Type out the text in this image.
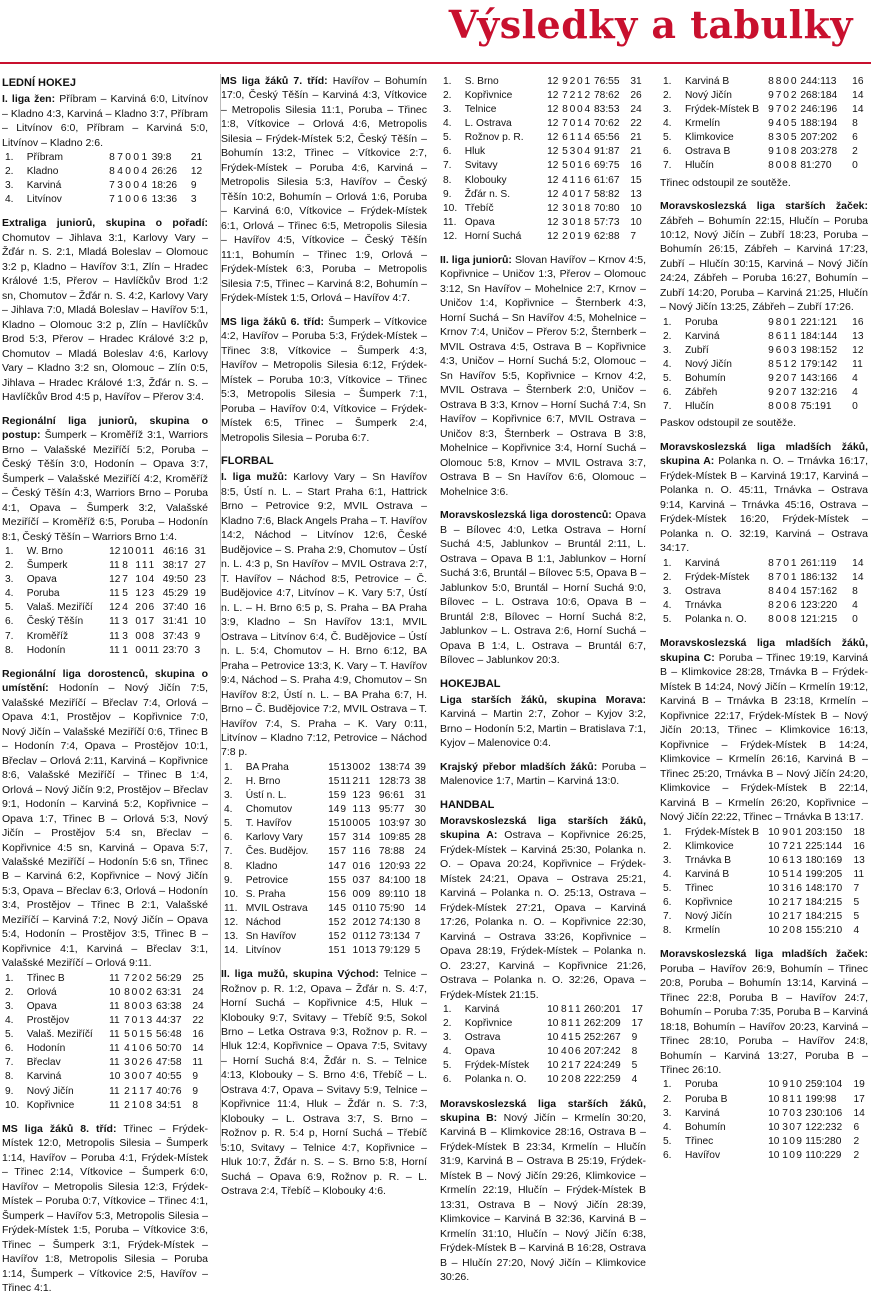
Výsledky a tabulky
LEDNÍ HOKEJ

I. liga žen: Příbram – Karviná 6:0, Litvínov – Kladno 4:3, Karviná – Kladno 3:7, Příbram – Litvínov 6:0, Příbram – Karviná 5:0, Litvínov – Kladno 2:6.

1.	Příbram	8	7	0	0	1	39:8	21
2.	Kladno	8	4	0	0	4	26:26	12
3.	Karviná	7	3	0	0	4	18:26	9
4.	Litvínov	7	1	0	0	6	13:36	3

Extraliga juniorů, skupina o pořadí: Chomutov – Jihlava 3:1, Karlovy Vary – Žďár n. S. 2:1, Mladá Boleslav – Olomouc 3:2 p, Kladno – Havířov 3:1, Zlín – Hradec Králové 1:5, Přerov – Havlíčkův Brod 1:2 sn, Chomutov – Žďár n. S. 4:2, Karlovy Vary – Jihlava 7:0, Mladá Boleslav – Havířov 5:1, Kladno – Olomouc 3:2 p, Zlín – Havlíčkův Brod 5:3, Přerov – Hradec Králové 3:2 p, Chomutov – Mladá Boleslav 4:6, Karlovy Vary – Kladno 3:2 sn, Olomouc – Zlín 0:5, Jihlava – Hradec Králové 1:3, Žďár n. S. – Havlíčkův Brod 4:5 p, Havířov – Přerov 3:4.

Regionální liga juniorů, skupina o postup: Šumperk – Kroměříž 3:1, Warriors Brno – Valašské Meziříčí 5:2, Poruba – Český Těšín 3:0, Hodonín – Opava 3:7, Šumperk – Valašské Meziříčí 4:2, Kroměříž – Český Těšín 4:3, Warriors Brno – Poruba 4:1, Opava – Šumperk 3:2, Valašské Meziříčí – Kroměříž 6:5, Poruba – Hodonín 8:1, Český Těšín – Warriors Brno 1:4.

1.	W. Brno	12	10	0	1	1	46:16	31
2.	Šumperk	11	8	1	1	1	38:17	27
3.	Opava	12	7	1	0	4	49:50	23
4.	Poruba	11	5	1	2	3	45:29	19
5.	Valaš. Meziříčí	12	4	2	0	6	37:40	16
6.	Český Těšín	11	3	0	1	7	31:41	10
7.	Kroměříž	11	3	0	0	8	37:43	9
8.	Hodonín	11	1	0	0	11	23:70	3

Regionální liga dorostenců, skupina o umístění: Hodonín – Nový Jičín 7:5, Valašské Meziříčí – Břeclav 7:4, Orlová – Opava 4:1, Prostějov – Kopřivnice 7:0, Nový Jičín – Valašské Meziříčí 0:6, Třinec B – Hodonín 7:4, Opava – Prostějov 10:1, Břeclav – Orlová 2:11, Karviná – Kopřivnice 8:6, Valašské Meziříčí – Třinec B 1:4, Orlová – Nový Jičín 9:2, Prostějov – Břeclav 9:1, Hodonín – Karviná 5:2, Kopřivnice – Opava 1:7, Třinec B – Orlová 5:3, Nový Jičín – Prostějov 5:4 sn, Břeclav – Kopřivnice 4:5 sn, Karviná – Opava 5:7, Valašské Meziříčí – Hodonín 5:6 sn, Třinec B – Karviná 6:2, Kopřivnice – Nový Jičín 5:3, Opava – Břeclav 6:3, Orlová – Hodonín 3:4, Prostějov – Třinec B 2:1, Valašské Meziříčí – Karviná 7:2, Nový Jičín – Opava 5:4, Hodonín – Prostějov 3:5, Třinec B – Kopřivnice 4:1, Karviná – Břeclav 3:1, Valašské Meziříčí – Orlová 9:11.

1.	Třinec B	11	7	2	0	2	56:29	25
2.	Orlová	10	8	0	0	2	63:31	24
3.	Opava	11	8	0	0	3	63:38	24
4.	Prostějov	11	7	0	1	3	44:37	22
5.	Valaš. Meziříčí	11	5	0	1	5	56:48	16
6.	Hodonín	11	4	1	0	6	50:70	14
7.	Břeclav	11	3	0	2	6	47:58	11
8.	Karviná	10	3	0	0	7	40:55	9
9.	Nový Jičín	11	2	1	1	7	40:76	9
10.	Kopřivnice	11	2	1	0	8	34:51	8

MS liga žáků 8. tříd: Třinec – Frýdek-Místek 12:0, Metropolis Silesia – Šumperk 1:14, Havířov – Poruba 4:1, Frýdek-Místek – Třinec 2:14, Vítkovice – Šumperk 6:0, Havířov – Metropolis Silesia 12:3, Frýdek-Místek – Poruba 0:7, Vítkovice – Třinec 4:1, Šumperk – Havířov 5:3, Metropolis Silesia – Frýdek-Místek 1:5, Poruba – Vítkovice 3:6, Třinec – Šumperk 3:1, Frýdek-Místek – Havířov 1:8, Metropolis Silesia – Poruba 1:14, Šumperk – Vítkovice 2:5, Havířov – Třinec 4:1.

MS liga žáků 7. tříd: Havířov – Bohumín 17:0, Český Těšín – Karviná 4:3, Vítkovice – Metropolis Silesia 11:1, Poruba – Třinec 1:8, Vítkovice – Orlová 4:6, Metropolis Silesia – Frýdek-Místek 5:2, Český Těšín – Bohumín 13:2, Třinec – Vítkovice 2:7, Frýdek-Místek – Poruba 4:6, Karviná – Metropolis Silesia 5:3, Havířov – Český Těšín 10:2, Bohumín – Orlová 1:6, Poruba – Karviná 6:0, Vítkovice – Frýdek-Místek 6:1, Orlová – Třinec 6:5, Metropolis Silesia – Havířov 4:5, Vítkovice – Český Těšín 11:1, Bohumín – Třinec 1:9, Orlová – Frýdek-Místek 6:3, Poruba – Metropolis Silesia 7:5, Třinec – Karviná 8:2, Bohumín – Frýdek-Místek 1:5, Orlová – Havířov 4:7.

MS liga žáků 6. tříd: Šumperk – Vítkovice 4:2, Havířov – Poruba 5:3, Frýdek-Místek – Třinec 3:8, Vítkovice – Šumperk 4:3, Havířov – Metropolis Silesia 6:12, Frýdek-Místek – Poruba 10:3, Vítkovice – Třinec 5:3, Metropolis Silesia – Šumperk 7:1, Poruba – Havířov 0:4, Vítkovice – Frýdek-Místek 6:5, Třinec – Šumperk 2:4, Metropolis Silesia – Poruba 6:7.

FLORBAL

I. liga mužů: Karlovy Vary – Sn Havířov 8:5, Ústí n. L. – Start Praha 6:1, Hattrick Brno – Petrovice 9:2, MVIL Ostrava – Kladno 7:6, Black Angels Praha – T. Havířov 14:2, Náchod – Litvínov 12:6, České Budějovice – S. Praha 2:9, Chomutov – Ústí n. L. 4:3 p, Sn Havířov – MVIL Ostrava 2:7, T. Havířov – Náchod 8:5, Petrovice – Č. Budějovice 4:7, Litvínov – K. Vary 5:7, Ústí n. L. – H. Brno 6:5 p, S. Praha – BA Praha 3:9, Kladno – Sn Havířov 13:1, MVIL Ostrava – Litvínov 6:4, Č. Budějovice – Ústí n. L. 5:4, Chomutov – H. Brno 6:12, BA Praha – Petrovice 13:3, K. Vary – T. Havířov 9:4, Náchod – S. Praha 4:9, Chomutov – Sn Havířov 8:2, Ústí n. L. – BA Praha 6:7, H. Brno – Č. Budějovice 7:2, MVIL Ostrava – T. Havířov 7:4, S. Praha – K. Vary 0:11, Litvínov – Kladno 7:12, Petrovice – Náchod 7:8 p.

1.	BA Praha	15	13	0	0	2	138:74	39
2.	H. Brno	15	11	2	1	1	128:73	38
3.	Ústí n. L.	15	9	1	2	3	96:61	31
4.	Chomutov	14	9	1	1	3	95:77	30
5.	T. Havířov	15	10	0	0	5	103:97	30
6.	Karlovy Vary	15	7	3	1	4	109:85	28
7.	Čes. Budějov.	15	7	1	1	6	78:88	24
8.	Kladno	14	7	0	1	6	120:93	22
9.	Petrovice	15	5	0	3	7	84:100	18
10.	S. Praha	15	6	0	0	9	89:110	18
11.	MVIL Ostrava	14	5	0	1	10	75:90	14
12.	Náchod	15	2	2	0	12	74:130	8
13.	Sn Havířov	15	2	0	1	12	73:134	7
14.	Litvínov	15	1	1	0	13	79:129	5

II. liga mužů, skupina Východ: Telnice – Rožnov p. R. 1:2, Opava – Žďár n. S. 4:7, Horní Suchá – Kopřivnice 4:5, Hluk – Klobouky 9:7, Svitavy – Třebíč 9:5, Sokol Brno – Letka Ostrava 9:3, Rožnov p. R. – Hluk 12:4, Kopřivnice – Opava 7:5, Svitavy – Horní Suchá 8:4, Žďár n. S. – Telnice 4:13, Klobouky – S. Brno 4:6, Třebíč – L. Ostrava 4:7, Opava – Svitavy 5:9, Telnice – Kopřivnice 11:4, Hluk – Žďár n. S. 7:3, Klobouky – L. Ostrava 3:7, S. Brno – Rožnov p. R. 5:4 p, Horní Suchá – Třebíč 5:10, Svitavy – Telnice 4:7, Kopřivnice – Hluk 10:7, Žďár n. S. – S. Brno 5:8, Horní Suchá – Opava 6:9, Rožnov p. R. – L. Ostrava 2:4, Třebíč – Klobouky 4:6.

1.	S. Brno	12	9	2	0	1	76:55	31
2.	Kopřivnice	12	7	2	1	2	78:62	26
3.	Telnice	12	8	0	0	4	83:53	24
4.	L. Ostrava	12	7	0	1	4	70:62	22
5.	Rožnov p. R.	12	6	1	1	4	65:56	21
6.	Hluk	12	5	3	0	4	91:87	21
7.	Svitavy	12	5	0	1	6	69:75	16
8.	Klobouky	12	4	1	1	6	61:67	15
9.	Žďár n. S.	12	4	0	1	7	58:82	13
10.	Třebíč	12	3	0	1	8	70:80	10
11.	Opava	12	3	0	1	8	57:73	10
12.	Horní Suchá	12	2	0	1	9	62:88	7

II. liga juniorů: Slovan Havířov – Krnov 4:5, Kopřivnice – Uničov 1:3, Přerov – Olomouc 3:12, Sn Havířov – Mohelnice 2:7, Krnov – Uničov 1:4, Kopřivnice – Šternberk 4:3, Horní Suchá – Sn Havířov 4:5, Mohelnice – Krnov 7:4, Uničov – Přerov 5:2, Šternberk – MVIL Ostrava 4:5, Ostrava B – Kopřivnice 4:3, Uničov – Horní Suchá 5:2, Olomouc – Sn Havířov 5:5, Kopřivnice – Krnov 4:2, MVIL Ostrava – Šternberk 2:0, Uničov – Ostrava B 3:3, Krnov – Horní Suchá 7:4, Sn Havířov – Kopřivnice 6:7, MVIL Ostrava – Uničov 8:3, Šternberk – Ostrava B 3:8, Mohelnice – Kopřivnice 3:4, Horní Suchá – Olomouc 5:8, Krnov – MVIL Ostrava 3:7, Ostrava B – Sn Havířov 6:6, Olomouc – Mohelnice 3:6.

Moravskoslezská liga dorostenců: Opava B – Bílovec 4:0, Letka Ostrava – Horní Suchá 4:5, Jablunkov – Bruntál 2:11, L. Ostrava – Opava B 1:1, Jablunkov – Horní Suchá 3:6, Bruntál – Bílovec 5:5, Opava B – Jablunkov 5:0, Bruntál – Horní Suchá 9:0, Bílovec – L. Ostrava 10:6, Opava B – Bruntál 2:8, Bílovec – Horní Suchá 8:2, Jablunkov – L. Ostrava 2:6, Horní Suchá – Opava B 1:4, L. Ostrava – Bruntál 6:7, Bílovec – Jablunkov 20:3.

HOKEJBAL

Liga starších žáků, skupina Morava: Karviná – Martin 2:7, Zohor – Kyjov 3:2, Brno – Hodonín 5:2, Martin – Bratislava 7:1, Kyjov – Malenovice 0:4.

Krajský přebor mladších žáků: Poruba – Malenovice 1:7, Martin – Karviná 13:0.

HANDBAL

Moravskoslezská liga starších žáků, skupina A: Ostrava – Kopřivnice 26:25, Frýdek-Místek – Karviná 25:30, Polanka n. O. – Opava 20:24, Kopřivnice – Frýdek-Místek 24:21, Opava – Ostrava 25:21, Karviná – Polanka n. O. 25:13, Ostrava – Frýdek-Místek 27:21, Opava – Karviná 17:26, Polanka n. O. – Kopřivnice 22:30, Karviná – Ostrava 33:26, Kopřivnice – Opava 28:19, Frýdek-Místek – Polanka n. O. 23:27, Karviná – Kopřivnice 21:26, Ostrava – Polanka n. O. 32:26, Opava – Frýdek-Místek 21:15.

1.	Karviná	10	8	1	1	260:201	17
2.	Kopřivnice	10	8	1	1	262:209	17
3.	Ostrava	10	4	1	5	252:267	9
4.	Opava	10	4	0	6	207:242	8
5.	Frýdek-Místek	10	2	1	7	224:249	5
6.	Polanka n. O.	10	2	0	8	222:259	4

Moravskoslezská liga starších žáků, skupina B: Nový Jičín – Krmelín 30:20, Karviná B – Klimkovice 28:16, Ostrava B – Frýdek-Místek B 23:34, Krmelín – Hlučín 31:9, Karviná B – Ostrava B 25:19, Frýdek-Místek B – Nový Jičín 29:26, Klimkovice – Krmelín 22:19, Hlučín – Frýdek-Místek B 13:31, Ostrava B – Nový Jičín 28:39, Klimkovice – Karviná B 32:36, Karviná B – Krmelín 31:10, Hlučín – Nový Jičín 6:38, Frýdek-Místek B – Karviná B 16:28, Ostrava B – Hlučín 27:20, Nový Jičín – Klimkovice 30:26.

1.	Karviná B	8	8	0	0	244:113	16
2.	Nový Jičín	9	7	0	2	268:184	14
3.	Frýdek-Místek B	9	7	0	2	246:196	14
4.	Krmelín	9	4	0	5	188:194	8
5.	Klimkovice	8	3	0	5	207:202	6
6.	Ostrava B	9	1	0	8	203:278	2
7.	Hlučín	8	0	0	8	81:270	0
Třinec odstoupil ze soutěže.

Moravskoslezská liga starších žaček: Zábřeh – Bohumín 22:15, Hlučín – Poruba 10:12, Nový Jičín – Zubří 18:23, Poruba – Bohumín 26:15, Zábřeh – Karviná 17:23, Zubří – Hlučín 30:15, Karviná – Nový Jičín 24:24, Zábřeh – Poruba 16:27, Bohumín – Zubří 14:20, Poruba – Karviná 21:25, Hlučín – Nový Jičín 13:25, Zábřeh – Zubří 17:26.

1.	Poruba	9	8	0	1	221:121	16
2.	Karviná	8	6	1	1	184:144	13
3.	Zubří	9	6	0	3	198:152	12
4.	Nový Jičín	8	5	1	2	179:142	11
5.	Bohumín	9	2	0	7	143:166	4
6.	Zábřeh	9	2	0	7	132:216	4
7.	Hlučín	8	0	0	8	75:191	0
Paskov odstoupil ze soutěže.

Moravskoslezská liga mladších žáků, skupina A: Polanka n. O. – Trnávka 16:17, Frýdek-Místek B – Karviná 19:17, Karviná – Polanka n. O. 45:11, Trnávka – Ostrava 9:14, Karviná – Trnávka 45:16, Ostrava – Frýdek-Místek 16:20, Frýdek-Místek – Polanka n. O. 32:19, Karviná – Ostrava 34:17.

1.	Karviná	8	7	0	1	261:119	14
2.	Frýdek-Místek	8	7	0	1	186:132	14
3.	Ostrava	8	4	0	4	157:162	8
4.	Trnávka	8	2	0	6	123:220	4
5.	Polanka n. O.	8	0	0	8	121:215	0

Moravskoslezská liga mladších žáků, skupina C: Poruba – Třinec 19:19, Karviná B – Klimkovice 28:28, Trnávka B – Frýdek-Místek B 14:24, Nový Jičín – Krmelín 19:12, Karviná B – Trnávka B 23:18, Krmelín – Kopřivnice 22:17, Frýdek-Místek B – Nový Jičín 20:13, Třinec – Klimkovice 16:13, Kopřivnice – Frýdek-Místek B 14:24, Klimkovice – Krmelín 26:16, Karviná B – Třinec 25:20, Trnávka B – Nový Jičín 24:20, Klimkovice – Frýdek-Místek B 22:14, Karviná B – Krmelín 26:20, Kopřivnice – Nový Jičín 22:22, Třinec – Trnávka B 13:17.

1.	Frýdek-Místek B	10	9	0	1	203:150	18
2.	Klimkovice	10	7	2	1	225:144	16
3.	Trnávka B	10	6	1	3	180:169	13
4.	Karviná B	10	5	1	4	199:205	11
5.	Třinec	10	3	1	6	148:170	7
6.	Kopřivnice	10	2	1	7	184:215	5
7.	Nový Jičín	10	2	1	7	184:215	5
8.	Krmelín	10	2	0	8	155:210	4

Moravskoslezská liga mladších žaček: Poruba – Havířov 26:9, Bohumín – Třinec 20:8, Poruba – Bohumín 13:14, Karviná – Třinec 22:8, Poruba B – Havířov 24:7, Bohumín – Poruba 7:35, Poruba B – Karviná 18:18, Bohumín – Havířov 20:23, Karviná – Třinec 28:10, Poruba – Havířov 24:8, Bohumín – Karviná 13:27, Poruba B – Třinec 26:10.

1.	Poruba	10	9	1	0	259:104	19
2.	Poruba B	10	8	1	1	199:98	17
3.	Karviná	10	7	0	3	230:106	14
4.	Bohumín	10	3	0	7	122:232	6
5.	Třinec	10	1	0	9	115:280	2
6.	Havířov	10	1	0	9	110:229	2
